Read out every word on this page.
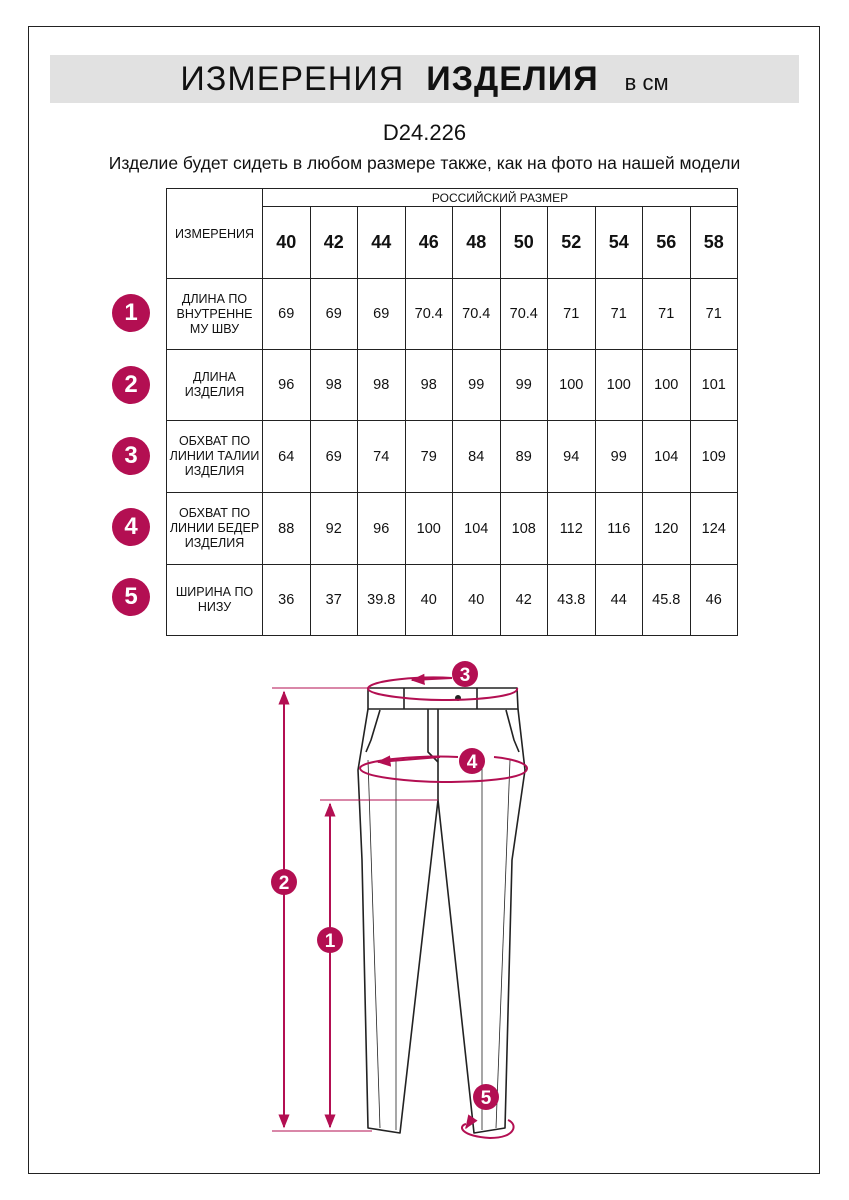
ИЗМЕРЕНИЯ ИЗДЕЛИЯ в см
D24.226
Изделие будет сидеть в любом размере также, как на фото на нашей модели
ИЗМЕРЕНИЯ	РОССИЙСКИЙ РАЗМЕР									
	40	42	44	46	48	50	52	54	56	58
ДЛИНА ПО ВНУТРЕННЕ МУ ШВУ	69	69	69	70.4	70.4	70.4	71	71	71	71
ДЛИНА ИЗДЕЛИЯ	96	98	98	98	99	99	100	100	100	101
ОБХВАТ ПО ЛИНИИ ТАЛИИ ИЗДЕЛИЯ	64	69	74	79	84	89	94	99	104	109
ОБХВАТ ПО ЛИНИИ БЕДЕР ИЗДЕЛИЯ	88	92	96	100	104	108	112	116	120	124
ШИРИНА ПО НИЗУ	36	37	39.8	40	40	42	43.8	44	45.8	46
1
2
3
4
5
1
2
3
4
5
